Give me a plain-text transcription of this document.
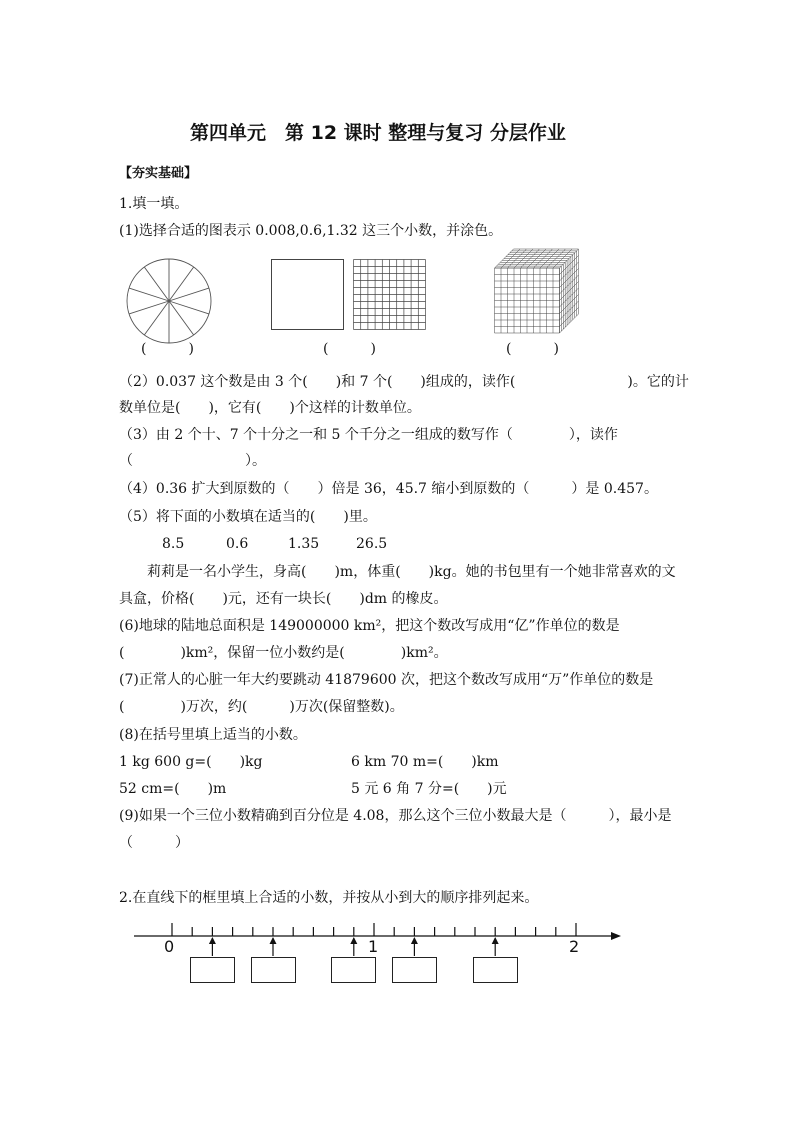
第四单元　第 12 课时 整理与复习 分层作业
【夯实基础】
1.填一填。
(1)选择合适的图表示 0.008,0.6,1.32 这三个小数，并涂色。
(　　　)	(　　　)	(　　　)
（2）0.037 这个数是由 3 个(　　)和 7 个(　　)组成的，读作(　　　　　　　　)。它的计
数单位是(　　)，它有(　　)个这样的计数单位。
（3）由 2 个十、7 个十分之一和 5 个千分之一组成的数写作（　　　　），读作
（　　　　　　　　）。
（4）0.36 扩大到原数的（　　）倍是 36，45.7 缩小到原数的（　　　）是 0.457。
（5）将下面的小数填在适当的(　　)里。
8.5	0.6	1.35	26.5
莉莉是一名小学生，身高(　　)m，体重(　　)kg。她的书包里有一个她非常喜欢的文
具盒，价格(　　)元，还有一块长(　　)dm 的橡皮。
(6)地球的陆地总面积是 149000000 km²，把这个数改写成用“亿”作单位的数是
(　　　　)km²，保留一位小数约是(　　　　)km²。
(7)正常人的心脏一年大约要跳动 41879600 次，把这个数改写成用“万”作单位的数是
(　　　　)万次，约(　　　)万次(保留整数)。
(8)在括号里填上适当的小数。
1 kg 600 g=(　　)kg	6 km 70 m=(　　)km
52 cm=(　　)m	5 元 6 角 7 分=(　　)元
(9)如果一个三位小数精确到百分位是 4.08，那么这个三位小数最大是（　　　），最小是
（　　　）
2.在直线下的框里填上合适的小数，并按从小到大的顺序排列起来。
0	1	2
